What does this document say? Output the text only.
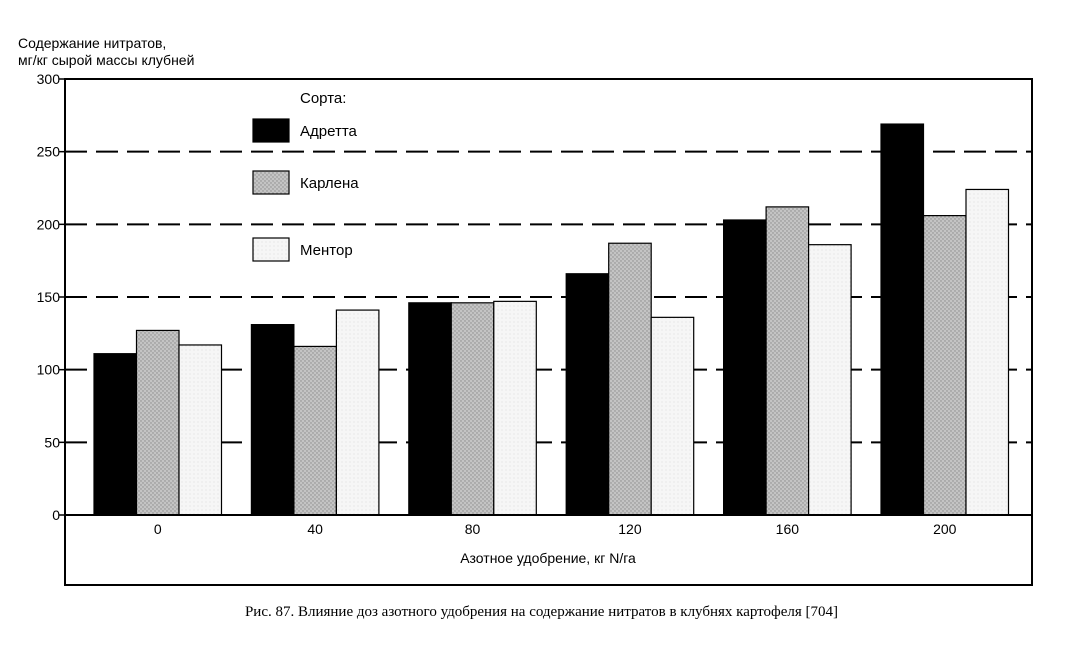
Содержание нитратов,
мг/кг сырой массы клубней
0
50
100
150
200
250
300
0	40	80	120	160	200
Азотное удобрение, кг N/га
Сорта:
Адретта
Карлена
Ментор
Рис. 87. Влияние доз азотного удобрения на содержание нитратов в клубнях картофеля [704]
